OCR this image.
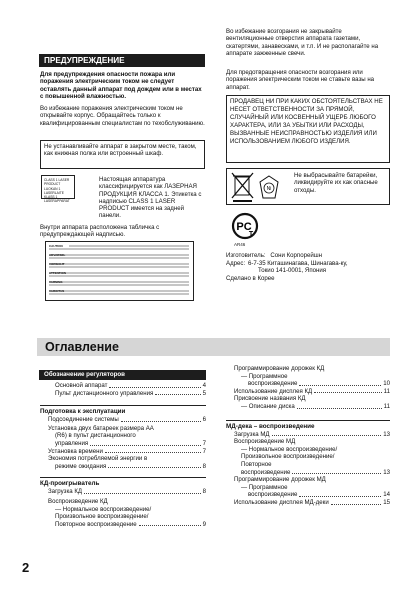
ПРЕДУПРЕЖДЕНИЕ
Для предупреждения опасности пожара или поражения электрическим током не следует оставлять данный аппарат под дождем или в местах с повышенной влажностью.
Во избежание поражения электрическим током не открывайте корпус. Обращайтесь только к квалифицированным специалистам по техобслуживанию.
Не устанавливайте аппарат в закрытом месте, таком, как книжная полка или встроенный шкаф.
CLASS 1 LASER PRODUCT
LUOKAN 1 LASERLAITE
KLASS 1 LASERAPPARAT
Настоящая аппаратура классифицируется как ЛАЗЕРНАЯ ПРОДУКЦИЯ КЛАССА 1. Этикетка с надписью CLASS 1 LASER PRODUCT имеется на задней панели.
Внутри аппарата расположена табличка с предупреждающей надписью.
CAUTION
ADVARSEL
VORSICHT
ATTENTION
VARNING
VAROITUS
Во избежание возгорания не закрывайте вентиляционные отверстия аппарата газетами, скатертями, занавесками, и т.п. И не располагайте на аппарате зажженные свечи.
Для предотвращения опасности возгорания или поражения электрическим током не ставьте вазы на аппарат.
ПРОДАВЕЦ НИ ПРИ КАКИХ ОБСТОЯТЕЛЬСТВАХ НЕ НЕСЕТ ОТВЕТСТВЕННОСТИ ЗА ПРЯМОЙ, СЛУЧАЙНЫЙ ИЛИ КОСВЕННЫЙ УЩЕРБ ЛЮБОГО ХАРАКТЕРА, ИЛИ ЗА УБЫТКИ ИЛИ РАСХОДЫ, ВЫЗВАННЫЕ НЕИСПРАВНОСТЬЮ ИЗДЕЛИЯ ИЛИ ИСПОЛЬЗОВАНИЕМ ЛЮБОГО ИЗДЕЛИЯ.
Ni
Не выбрасывайте батарейки, ликвидируйте их как опасные отходы.
PC
T
AR46
Изготовитель: Сони Корпорейшн
Адрес: 6-7-35 Киташинагава, Шинагава-ку,
Токио 141-0001, Япония
Сделано в Корее
Оглавление
Обозначение регуляторов
Основной аппарат	4
Пульт дистанционного управления	5
Подготовка к эксплуатации
Подсоединение системы	6
Установка двух батареек размера AA
(R6) в пульт дистанционного
управления	7
Установка времени	7
Экономия потребляемой энергии в
режиме ожидания	8
КД-проигрыватель
Загрузка КД	8
Воспроизведение КД
— Нормальное воспроизведение/
Произвольное воспроизведение/
Повторное воспроизведение	9
Программирование дорожек КД
— Программное
воспроизведение	10
Использование дисплея КД	11
Присвоение названия КД
— Описание диска	11
МД-дека – воспроизведение
Загрузка МД	13
Воспроизведение МД
— Нормальное воспроизведение/
Произвольное воспроизведение/
Повторное
воспроизведение	13
Программирование дорожек МД
— Программное
воспроизведение	14
Использование дисплея МД-деки	15
2
